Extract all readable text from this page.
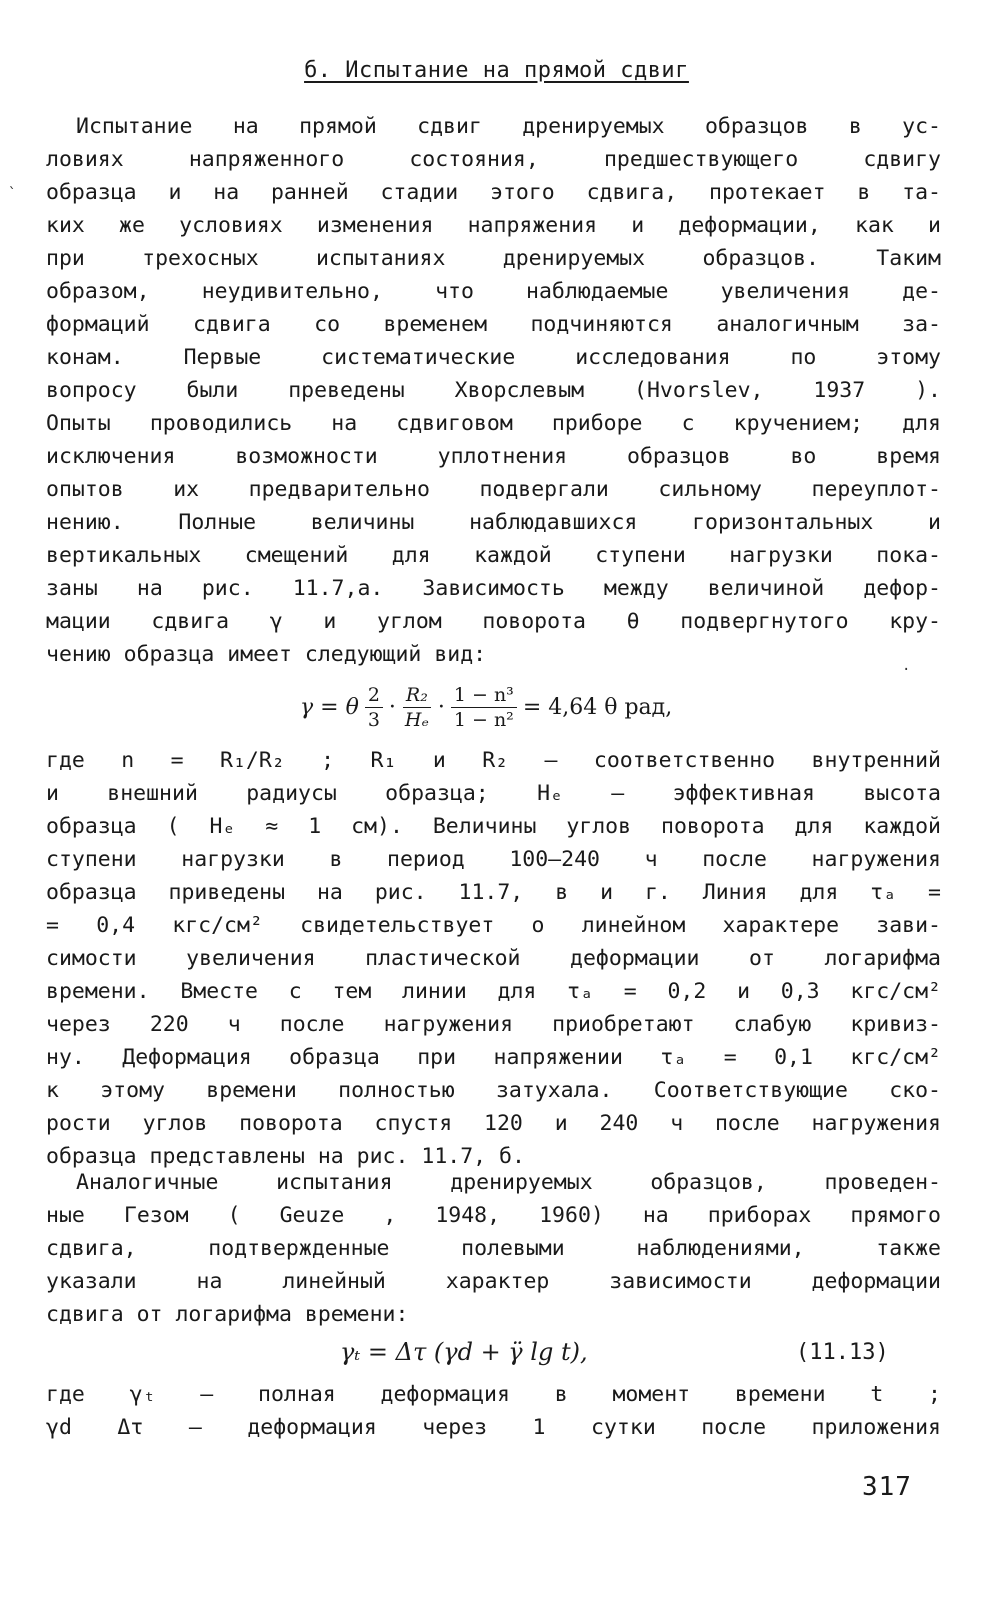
б. Испытание на прямой сдвиг
Испытание на прямой сдвиг дренируемых образцов в ус-
ловиях напряженного состояния, предшествующего сдвигу
образца и на ранней стадии этого сдвига, протекает в та-
ких же условиях изменения напряжения и деформации, как и
при трехосных испытаниях дренируемых образцов. Таким
образом, неудивительно, что наблюдаемые увеличения де-
формаций сдвига со временем подчиняются аналогичным за-
конам. Первые систематические исследования по этому
вопросу были преведены Хворслевым (Hvorslev, 1937 ).
Опыты проводились на сдвиговом приборе с кручением; для
исключения возможности уплотнения образцов во время
опытов их предварительно подвергали сильному переуплот-
нению. Полные величины наблюдавшихся горизонтальных и
вертикальных смещений для каждой ступени нагрузки пока-
заны на рис. 11.7,а. Зависимость между величиной дефор-
мации сдвига γ и углом поворота θ подвергнутого кру-
чению образца имеет следующий вид:
γ = θ $\frac{2}{3} \cdot \frac{\text{R₂}}{\text{Hₑ}} \cdot \frac{\text{1 − n³}}{\text{1 − n²}} = 4,64$ θ рад,
где n = R₁/R₂ ; R₁ и R₂ – соответственно внутренний
и внешний радиусы образца; Hₑ – эффективная высота
образца ( Hₑ ≈ 1 см). Величины углов поворота для каждой
ступени нагрузки в период 100–240 ч после нагружения
образца приведены на рис. 11.7, в и г. Линия для τₐ =
= 0,4 кгс/см² свидетельствует о линейном характере зави-
симости увеличения пластической деформации от логарифма
времени. Вместе с тем линии для τₐ = 0,2 и 0,3 кгс/см²
через 220 ч после нагружения приобретают слабую кривиз-
ну. Деформация образца при напряжении τₐ = 0,1 кгс/см²
к этому времени полностью затухала. Соответствующие ско-
рости углов поворота спустя 120 и 240 ч после нагружения
образца представлены на рис. 11.7, б.
Аналогичные испытания дренируемых образцов, проведен-
ные Гезом ( Geuze , 1948, 1960) на приборах прямого
сдвига, подтвержденные полевыми наблюдениями, также
указали на линейный характер зависимости деформации
сдвига от логарифма времени:
γₜ = Δτ (γd + γ̈ lg t),	(11.13)
где γₜ – полная деформация в момент времени t ;
γd Δτ – деформация через 1 сутки после приложения
317
`
·
